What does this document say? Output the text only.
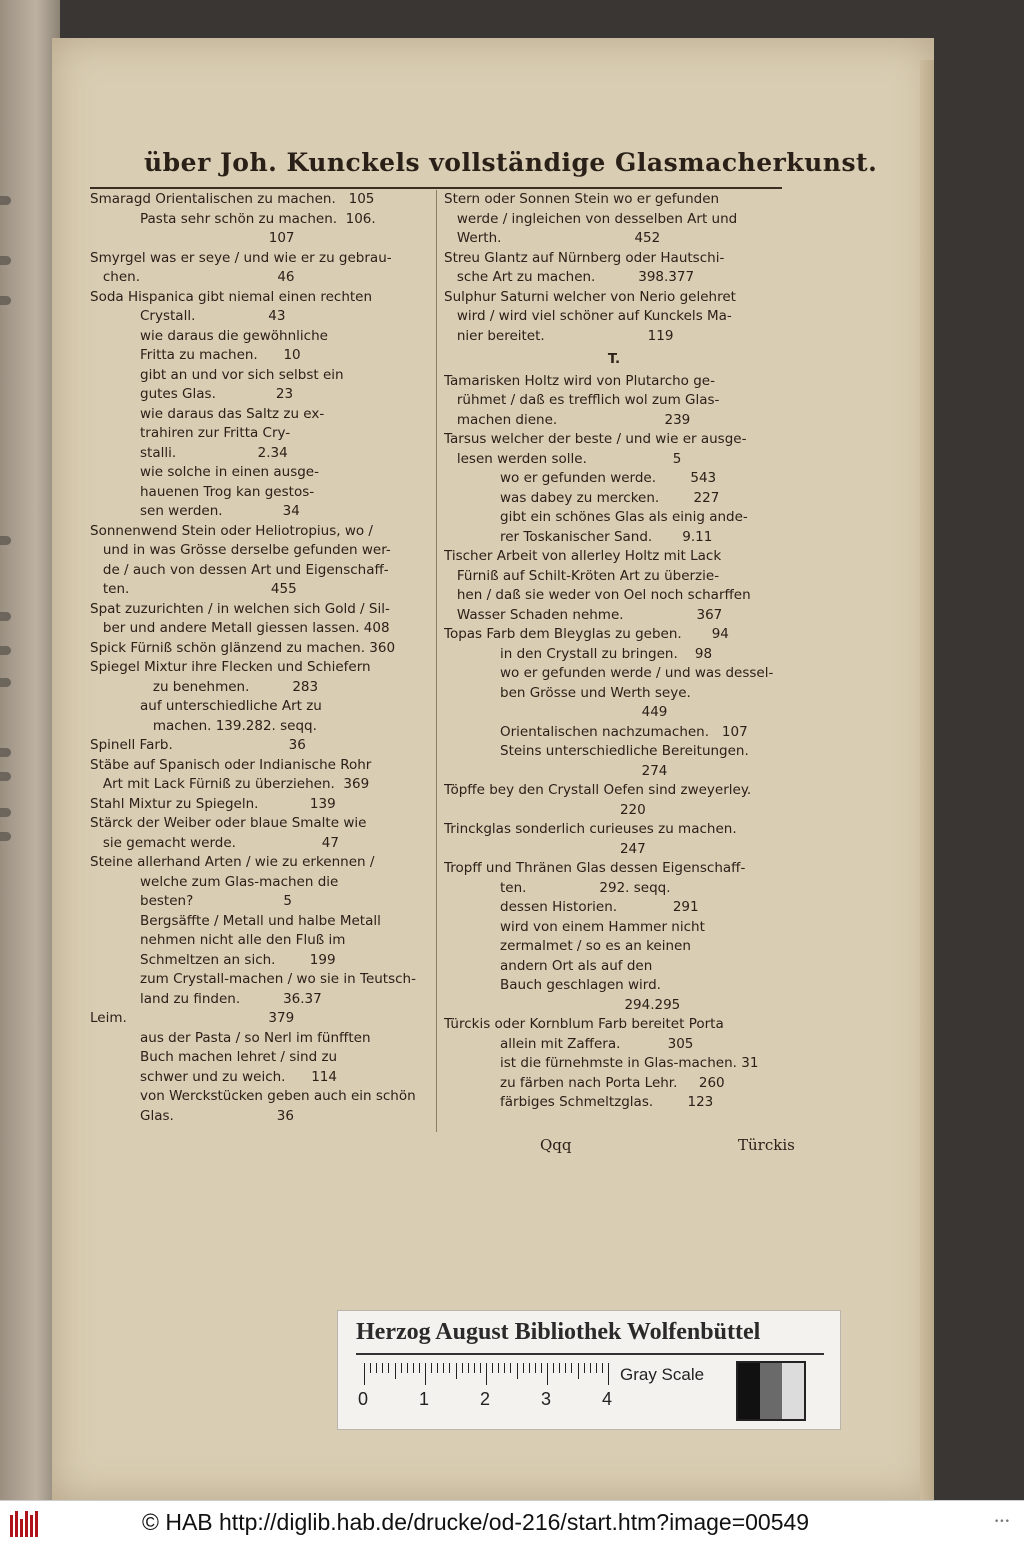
über Joh. Kunckels vollständige Glasmacherkunst.
Smaragd Orientalischen zu machen.   105
Pasta sehr schön zu machen.  106.
107
Smyrgel was er seye / und wie er zu gebrau-
chen.                                46
Soda Hispanica gibt niemal einen rechten
Crystall.                 43
wie daraus die gewöhnliche
Fritta zu machen.      10
gibt an und vor sich selbst ein
gutes Glas.              23
wie daraus das Saltz zu ex-
trahiren zur Fritta Cry-
stalli.                   2.34
wie solche in einen ausge-
hauenen Trog kan gestos-
sen werden.              34
Sonnenwend Stein oder Heliotropius, wo /
und in was Grösse derselbe gefunden wer-
de / auch von dessen Art und Eigenschaff-
ten.                                 455
Spat zuzurichten / in welchen sich Gold / Sil-
ber und andere Metall giessen lassen. 408
Spick Fürniß schön glänzend zu machen. 360
Spiegel Mixtur ihre Flecken und Schiefern
zu benehmen.          283
auf unterschiedliche Art zu
machen. 139.282. seqq.
Spinell Farb.                           36
Stäbe auf Spanisch oder Indianische Rohr
Art mit Lack Fürniß zu überziehen.  369
Stahl Mixtur zu Spiegeln.            139
Stärck der Weiber oder blaue Smalte wie
sie gemacht werde.                    47
Steine allerhand Arten / wie zu erkennen /
welche zum Glas-machen die
besten?                     5
Bergsäffte / Metall und halbe Metall
nehmen nicht alle den Fluß im
Schmeltzen an sich.        199
zum Crystall-machen / wo sie in Teutsch-
land zu finden.          36.37
Leim.                                 379
aus der Pasta / so Nerl im fünfften
Buch machen lehret / sind zu
schwer und zu weich.      114
von Werckstücken geben auch ein schön
Glas.                        36
Stern oder Sonnen Stein wo er gefunden
werde / ingleichen von desselben Art und
Werth.                               452
Streu Glantz auf Nürnberg oder Hautschi-
sche Art zu machen.          398.377
Sulphur Saturni welcher von Nerio gelehret
wird / wird viel schöner auf Kunckels Ma-
nier bereitet.                        119
T.
Tamarisken Holtz wird von Plutarcho ge-
rühmet / daß es trefflich wol zum Glas-
machen diene.                         239
Tarsus welcher der beste / und wie er ausge-
lesen werden solle.                    5
wo er gefunden werde.        543
was dabey zu mercken.        227
gibt ein schönes Glas als einig ande-
rer Toskanischer Sand.       9.11
Tischer Arbeit von allerley Holtz mit Lack
Fürniß auf Schilt-Kröten Art zu überzie-
hen / daß sie weder von Oel noch scharffen
Wasser Schaden nehme.                 367
Topas Farb dem Bleyglas zu geben.       94
in den Crystall zu bringen.    98
wo er gefunden werde / und was dessel-
ben Grösse und Werth seye.
449
Orientalischen nachzumachen.   107
Steins unterschiedliche Bereitungen.
274
Töpffe bey den Crystall Oefen sind zweyerley.
220
Trinckglas sonderlich curieuses zu machen.
247
Tropff und Thränen Glas dessen Eigenschaff-
ten.                 292. seqq.
dessen Historien.             291
wird von einem Hammer nicht
zermalmet / so es an keinen
andern Ort als auf den
Bauch geschlagen wird.
294.295
Türckis oder Kornblum Farb bereitet Porta
allein mit Zaffera.           305
ist die fürnehmste in Glas-machen. 31
zu färben nach Porta Lehr.     260
färbiges Schmeltzglas.        123
Qqq	Türckis
Herzog August Bibliothek Wolfenbüttel
0	1	2	3	4
Gray Scale
© HAB http://diglib.hab.de/drucke/od-216/start.htm?image=00549	•••
